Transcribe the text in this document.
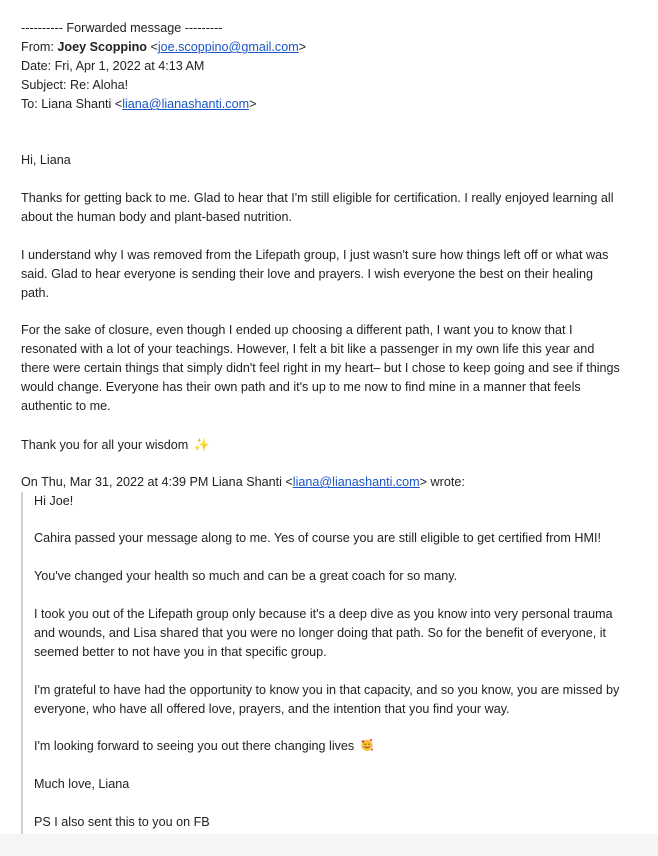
---------- Forwarded message ---------
From: Joey Scoppino <joe.scoppino@gmail.com>
Date: Fri, Apr 1, 2022 at 4:13 AM
Subject: Re: Aloha!
To: Liana Shanti <liana@lianashanti.com>
Hi, Liana
Thanks for getting back to me. Glad to hear that I'm still eligible for certification. I really enjoyed learning all about the human body and plant-based nutrition.
I understand why I was removed from the Lifepath group, I just wasn't sure how things left off or what was said. Glad to hear everyone is sending their love and prayers. I wish everyone the best on their healing path.
For the sake of closure, even though I ended up choosing a different path, I want you to know that I resonated with a lot of your teachings. However, I felt a bit like a passenger in my own life this year and there were certain things that simply didn't feel right in my heart– but I chose to keep going and see if things would change. Everyone has their own path and it's up to me now to find mine in a manner that feels authentic to me.
Thank you for all your wisdom ✨
On Thu, Mar 31, 2022 at 4:39 PM Liana Shanti <liana@lianashanti.com> wrote:
Hi Joe!
Cahira passed your message along to me. Yes of course you are still eligible to get certified from HMI!
You've changed your health so much and can be a great coach for so many.
I took you out of the Lifepath group only because it's a deep dive as you know into very personal trauma and wounds, and Lisa shared that you were no longer doing that path. So for the benefit of everyone, it seemed better to not have you in that specific group.
I'm grateful to have had the opportunity to know you in that capacity, and so you know, you are missed by everyone, who have all offered love, prayers, and the intention that you find your way.
I'm looking forward to seeing you out there changing lives
Much love, Liana
PS I also sent this to you on FB
